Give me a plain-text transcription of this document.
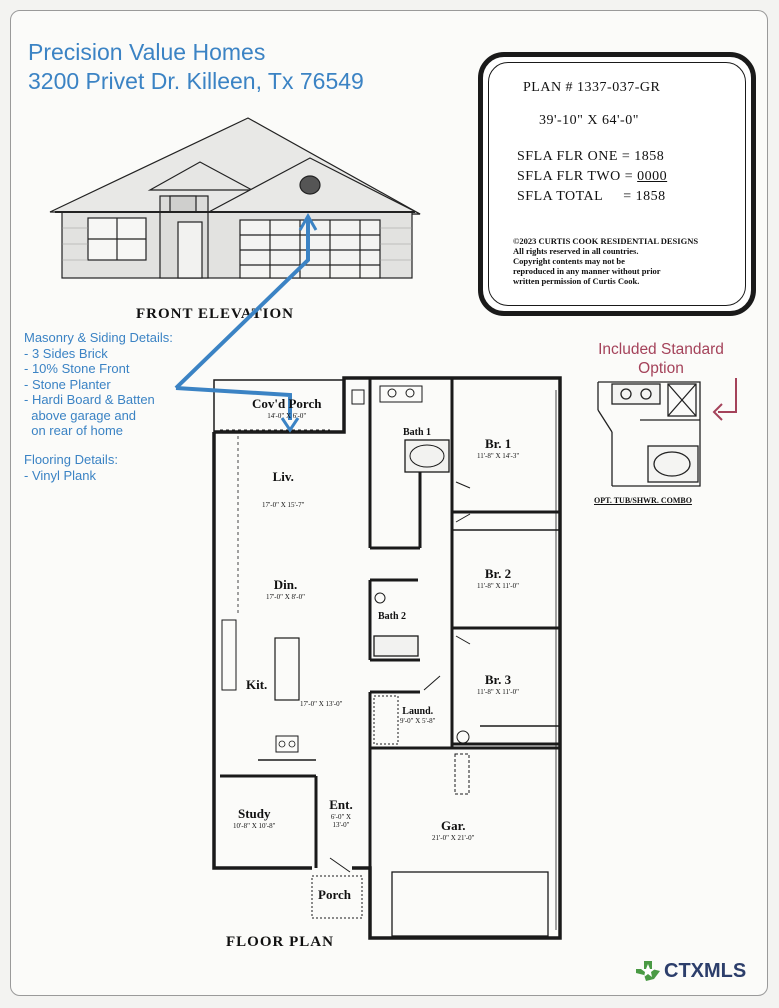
Precision Value Homes
3200 Privet Dr. Killeen, Tx 76549	PLAN # 1337-037-GR
39'-10" X 64'-0"
SFLA FLR ONE = 1858
SFLA FLR TWO = 0000
SFLA TOTAL = 1858
©2023 CURTIS COOK RESIDENTIAL DESIGNS
All rights reserved in all countries.
Copyright contents may not be
reproduced in any manner without prior
written permission of Curtis Cook.
FRONT ELEVATION
Masonry & Siding Details:
- 3 Sides Brick
- 10% Stone Front
- Stone Planter
- Hardi Board & Batten
above garage and
on rear of home
Flooring Details:
- Vinyl Plank
Included Standard
Option
OPT. TUB/SHWR. COMBO
Cov'd Porch
14'-0" X 6'-0"
Bath 1
Br. 1
11'-8" X 14'-3"
Liv.
17'-0" X 15'-7"
Din.
17'-0" X 8'-0"
Bath 2
Br. 2
11'-8" X 11'-0"
Kit.
17'-0" X 13'-0"
Br. 3
11'-8" X 11'-0"
Laund.
9'-0" X 5'-8"
Study
10'-8" X 10'-8"
Ent.
6'-0" X 13'-0"	Gar.
21'-0" X 21'-0"
Porch
FLOOR PLAN
CTXMLS
